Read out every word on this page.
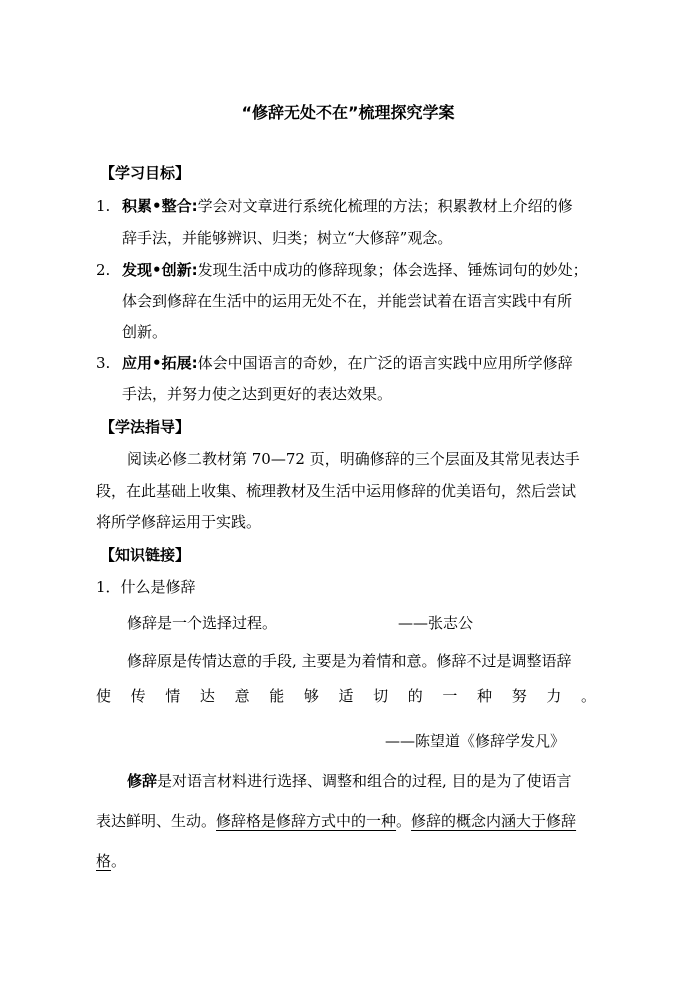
“修辞无处不在”梳理探究学案
【学习目标】
1. 积累•整合:学会对文章进行系统化梳理的方法；积累教材上介绍的修
辞手法，并能够辨识、归类；树立“大修辞”观念。
2. 发现•创新:发现生活中成功的修辞现象；体会选择、锤炼词句的妙处；
体会到修辞在生活中的运用无处不在，并能尝试着在语言实践中有所
创新。
3. 应用•拓展:体会中国语言的奇妙，在广泛的语言实践中应用所学修辞
手法，并努力使之达到更好的表达效果。
【学法指导】
阅读必修二教材第 70—72 页，明确修辞的三个层面及其常见表达手
段，在此基础上收集、梳理教材及生活中运用修辞的优美语句，然后尝试
将所学修辞运用于实践。
【知识链接】
1．什么是修辞
修辞是一个选择过程。	——张志公
修辞原是传情达意的手段, 主要是为着情和意。修辞不过是调整语辞
使 传 情 达 意 能 够 适 切 的 一 种 努 力 。
——陈望道《修辞学发凡》
修辞是对语言材料进行选择、调整和组合的过程, 目的是为了使语言
表达鲜明、生动。修辞格是修辞方式中的一种。修辞的概念内涵大于修辞
格。
